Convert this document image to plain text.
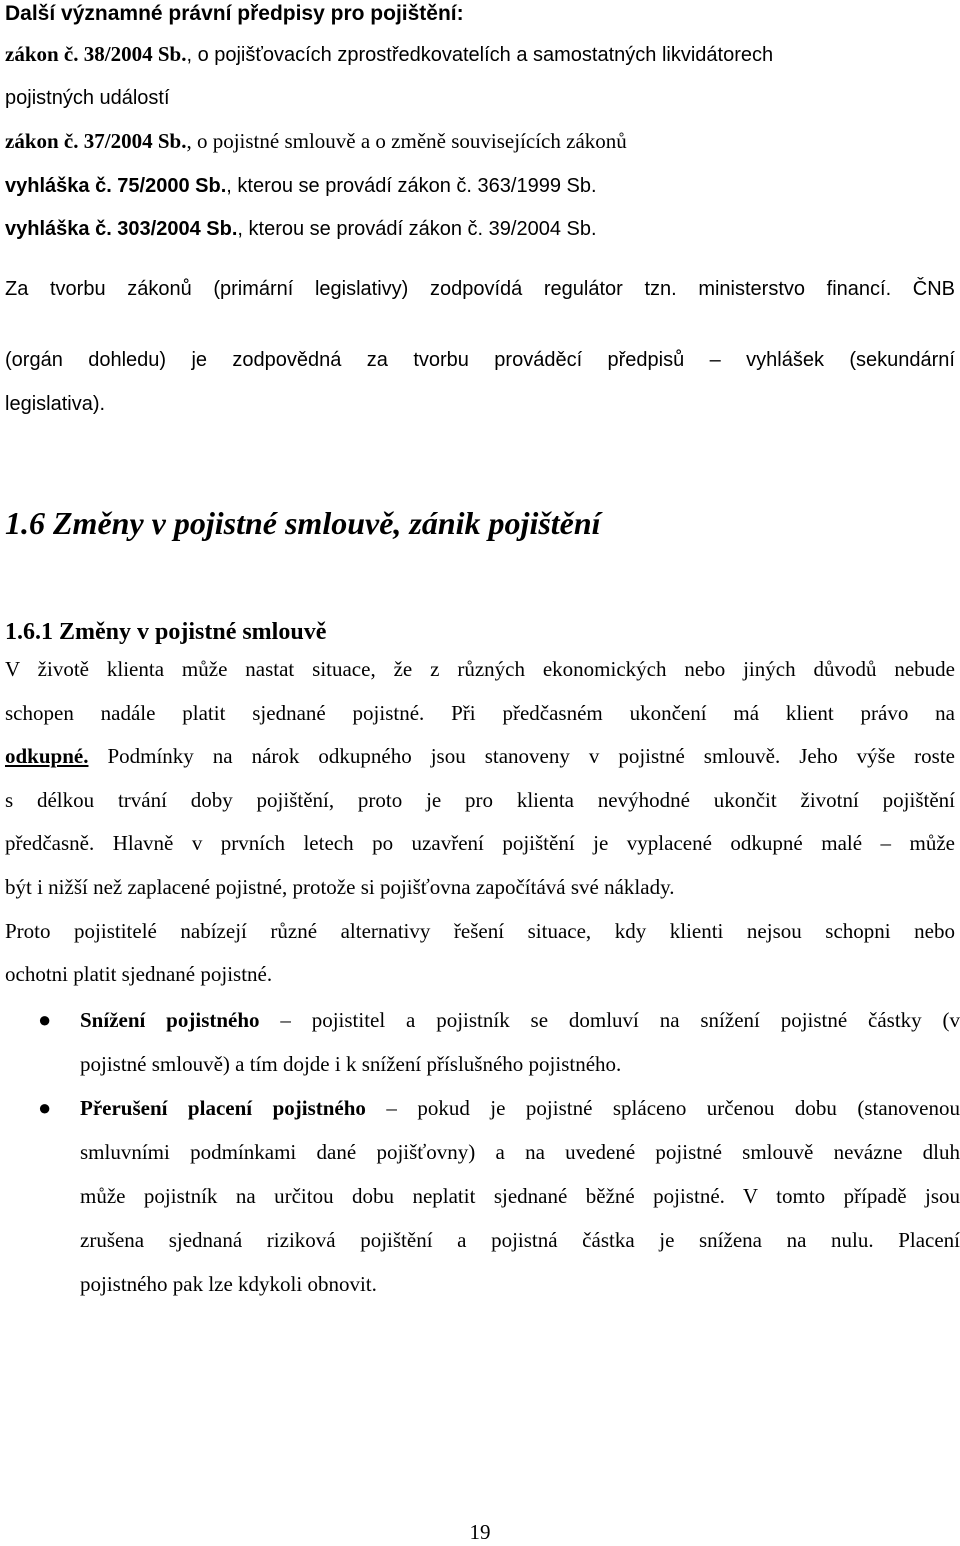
Další významné právní předpisy pro pojištění:
zákon č. 38/2004 Sb., o pojišťovacích zprostředkovatelích a samostatných likvidátorech
pojistných událostí
zákon č. 37/2004 Sb., o pojistné smlouvě a o změně souvisejících zákonů
vyhláška č. 75/2000 Sb., kterou se provádí zákon č. 363/1999 Sb.
vyhláška č. 303/2004 Sb., kterou se provádí zákon č. 39/2004 Sb.
Za tvorbu zákonů (primární legislativy) zodpovídá regulátor tzn. ministerstvo financí. ČNB
(orgán dohledu) je zodpovědná za tvorbu prováděcí předpisů – vyhlášek (sekundární
legislativa).
1.6 Změny v pojistné smlouvě, zánik pojištění
1.6.1 Změny v pojistné smlouvě
V životě klienta může nastat situace, že z různých ekonomických nebo jiných důvodů nebude
schopen nadále platit sjednané pojistné. Při předčasném ukončení má klient právo na
odkupné. Podmínky na nárok odkupného jsou stanoveny v pojistné smlouvě. Jeho výše roste
s délkou trvání doby pojištění, proto je pro klienta nevýhodné ukončit životní pojištění
předčasně. Hlavně v prvních letech po uzavření pojištění je vyplacené odkupné malé – může
být i nižší než zaplacené pojistné, protože si pojišťovna započítává své náklady.
Proto pojistitelé nabízejí různé alternativy řešení situace, kdy klienti nejsou schopni nebo
ochotni platit sjednané pojistné.
● Snížení pojistného – pojistitel a pojistník se domluví na snížení pojistné částky (v
pojistné smlouvě) a tím dojde i k snížení příslušného pojistného.
● Přerušení placení pojistného – pokud je pojistné spláceno určenou dobu (stanovenou
smluvními podmínkami dané pojišťovny) a na uvedené pojistné smlouvě nevázne dluh
může pojistník na určitou dobu neplatit sjednané běžné pojistné. V tomto případě jsou
zrušena sjednaná riziková pojištění a pojistná částka je snížena na nulu. Placení
pojistného pak lze kdykoli obnovit.
19
